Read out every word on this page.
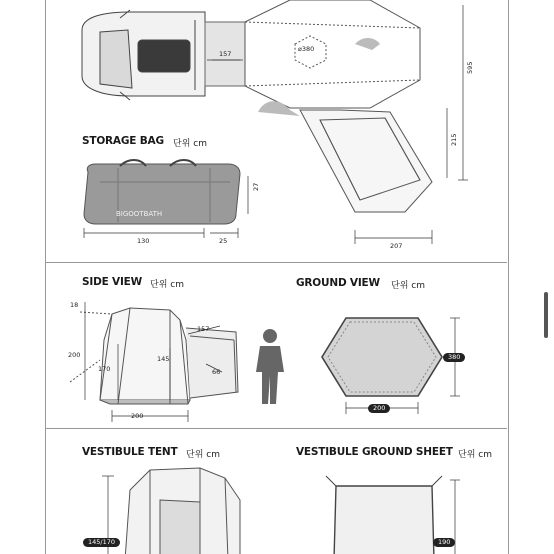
157
⌀380
595
215
207
STORAGE BAG 단위 cm
BIGOOTBATH
27
130	25
SIDE VIEW 단위 cm
18
200
170
145
157
66
200
GROUND VIEW 단위 cm
380
200
VESTIBULE TENT 단위 cm
145/170
VESTIBULE GROUND SHEET 단위 cm
190
